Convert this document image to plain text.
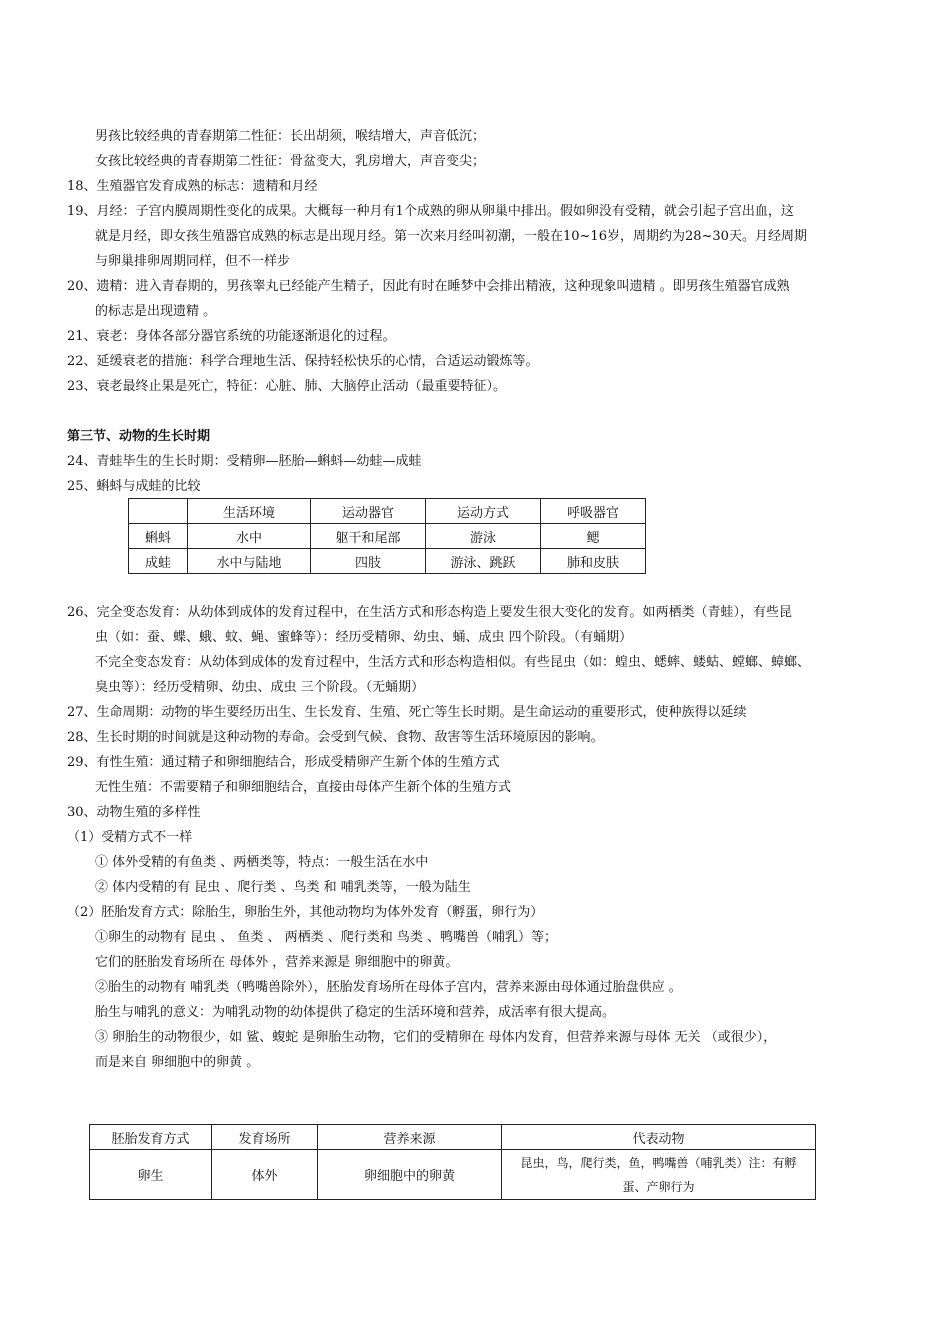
男孩比较经典的青春期第二性征：长出胡须，喉结增大，声音低沉；
女孩比较经典的青春期第二性征：骨盆变大，乳房增大，声音变尖；
18、生殖器官发育成熟的标志：遗精和月经
19、月经：子宫内膜周期性变化的成果。大概每一种月有1个成熟的卵从卵巢中排出。假如卵没有受精，就会引起子宫出血，这
就是月经，即女孩生殖器官成熟的标志是出现月经。第一次来月经叫初潮，一般在10~16岁，周期约为28~30天。月经周期
与卵巢排卵周期同样，但不一样步
20、遗精：进入青春期的，男孩睾丸已经能产生精子，因此有时在睡梦中会排出精液，这种现象叫遗精 。即男孩生殖器官成熟
的标志是出现遗精 。
21、衰老：身体各部分器官系统的功能逐渐退化的过程。
22、延缓衰老的措施：科学合理地生活、保持轻松快乐的心情，合适运动锻炼等。
23、衰老最终止果是死亡，特征：心脏、肺、大脑停止活动（最重要特征）。
第三节、动物的生长时期
24、青蛙毕生的生长时期：受精卵—胚胎—蝌蚪—幼蛙—成蛙
25、蝌蚪与成蛙的比较
	生活环境	运动器官	运动方式	呼吸器官
蝌蚪	水中	躯干和尾部	游泳	鳃
成蛙	水中与陆地	四肢	游泳、跳跃	肺和皮肤
26、完全变态发育：从幼体到成体的发育过程中，在生活方式和形态构造上要发生很大变化的发育。如两栖类（青蛙），有些昆
虫（如：蚕、蝶、蛾、蚊、蝇、蜜蜂等）：经历受精卵、幼虫、蛹、成虫 四个阶段。（有蛹期）
不完全变态发育：从幼体到成体的发育过程中，生活方式和形态构造相似。有些昆虫（如：蝗虫、蟋蟀、蝼蛄、螳螂、蟑螂、
臭虫等）：经历受精卵、幼虫、成虫 三个阶段。（无蛹期）
27、生命周期：动物的毕生要经历出生、生长发育、生殖、死亡等生长时期。是生命运动的重要形式，使种族得以延续
28、生长时期的时间就是这种动物的寿命。会受到气候、食物、敌害等生活环境原因的影响。
29、有性生殖：通过精子和卵细胞结合，形成受精卵产生新个体的生殖方式
无性生殖：不需要精子和卵细胞结合，直接由母体产生新个体的生殖方式
30、动物生殖的多样性
（1）受精方式不一样
① 体外受精的有鱼类 、两栖类等，特点：一般生活在水中
② 体内受精的有 昆虫 、爬行类 、鸟类 和 哺乳类等，一般为陆生
（2）胚胎发育方式：除胎生，卵胎生外，其他动物均为体外发育（孵蛋，卵行为）
①卵生的动物有 昆虫 、 鱼类 、 两栖类 、爬行类和 鸟类 、鸭嘴兽（哺乳）等；
它们的胚胎发育场所在 母体外 ，营养来源是 卵细胞中的卵黄。
②胎生的动物有 哺乳类（鸭嘴兽除外），胚胎发育场所在母体子宫内，营养来源由母体通过胎盘供应 。
胎生与哺乳的意义：为哺乳动物的幼体提供了稳定的生活环境和营养，成活率有很大提高。
③ 卵胎生的动物很少，如 鲨、蝮蛇 是卵胎生动物，它们的受精卵在 母体内发育，但营养来源与母体 无关 （或很少），
而是来自 卵细胞中的卵黄 。
胚胎发育方式	发育场所	营养来源	代表动物
卵生	体外	卵细胞中的卵黄	昆虫，鸟，爬行类，鱼，鸭嘴兽（哺乳类）注：有孵
蛋、产卵行为
